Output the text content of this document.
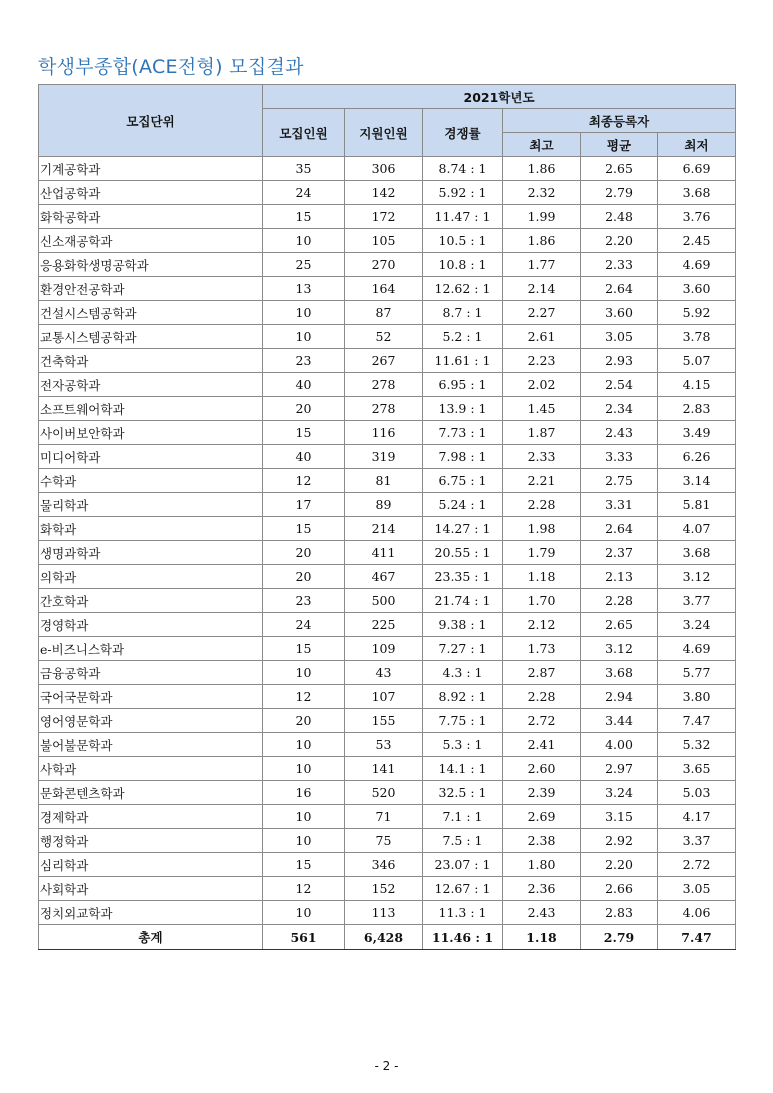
학생부종합(ACE전형) 모집결과
모집단위	2021학년도					
	모집인원	지원인원	경쟁률	최종등록자		
				최고	평균	최저
기계공학과	35	306	8.74 : 1	1.86	2.65	6.69
산업공학과	24	142	5.92 : 1	2.32	2.79	3.68
화학공학과	15	172	11.47 : 1	1.99	2.48	3.76
신소재공학과	10	105	10.5 : 1	1.86	2.20	2.45
응용화학생명공학과	25	270	10.8 : 1	1.77	2.33	4.69
환경안전공학과	13	164	12.62 : 1	2.14	2.64	3.60
건설시스템공학과	10	87	8.7 : 1	2.27	3.60	5.92
교통시스템공학과	10	52	5.2 : 1	2.61	3.05	3.78
건축학과	23	267	11.61 : 1	2.23	2.93	5.07
전자공학과	40	278	6.95 : 1	2.02	2.54	4.15
소프트웨어학과	20	278	13.9 : 1	1.45	2.34	2.83
사이버보안학과	15	116	7.73 : 1	1.87	2.43	3.49
미디어학과	40	319	7.98 : 1	2.33	3.33	6.26
수학과	12	81	6.75 : 1	2.21	2.75	3.14
물리학과	17	89	5.24 : 1	2.28	3.31	5.81
화학과	15	214	14.27 : 1	1.98	2.64	4.07
생명과학과	20	411	20.55 : 1	1.79	2.37	3.68
의학과	20	467	23.35 : 1	1.18	2.13	3.12
간호학과	23	500	21.74 : 1	1.70	2.28	3.77
경영학과	24	225	9.38 : 1	2.12	2.65	3.24
e-비즈니스학과	15	109	7.27 : 1	1.73	3.12	4.69
금융공학과	10	43	4.3 : 1	2.87	3.68	5.77
국어국문학과	12	107	8.92 : 1	2.28	2.94	3.80
영어영문학과	20	155	7.75 : 1	2.72	3.44	7.47
불어불문학과	10	53	5.3 : 1	2.41	4.00	5.32
사학과	10	141	14.1 : 1	2.60	2.97	3.65
문화콘텐츠학과	16	520	32.5 : 1	2.39	3.24	5.03
경제학과	10	71	7.1 : 1	2.69	3.15	4.17
행정학과	10	75	7.5 : 1	2.38	2.92	3.37
심리학과	15	346	23.07 : 1	1.80	2.20	2.72
사회학과	12	152	12.67 : 1	2.36	2.66	3.05
정치외교학과	10	113	11.3 : 1	2.43	2.83	4.06
총계	561	6,428	11.46 : 1	1.18	2.79	7.47
- 2 -
